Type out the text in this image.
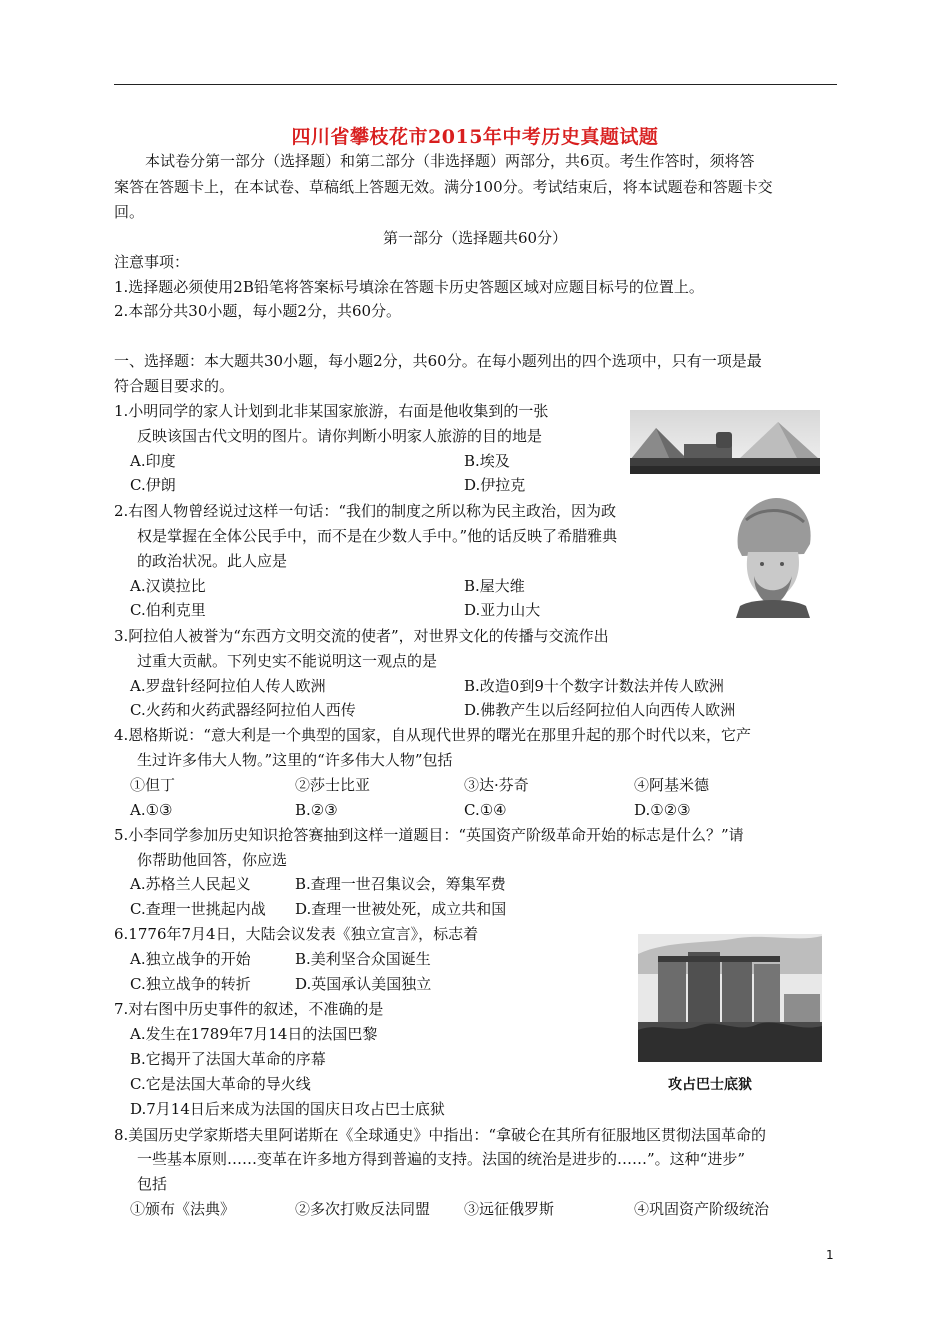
四川省攀枝花市2015年中考历史真题试题
本试卷分第一部分（选择题）和第二部分（非选择题）两部分，共6页。考生作答时，须将答
案答在答题卡上，在本试卷、草稿纸上答题无效。满分100分。考试结束后，将本试题卷和答题卡交
回。
第一部分（选择题共60分）
注意事项：
1.选择题必须使用2B铅笔将答案标号填涂在答题卡历史答题区域对应题目标号的位置上。
2.本部分共30小题，每小题2分，共60分。
一、选择题：本大题共30小题，每小题2分，共60分。在每小题列出的四个选项中，只有一项是最
符合题目要求的。
1.小明同学的家人计划到北非某国家旅游，右面是他收集到的一张
反映该国古代文明的图片。请你判断小明家人旅游的目的地是
A.印度	B.埃及
C.伊朗	D.伊拉克
2.右图人物曾经说过这样一句话：“我们的制度之所以称为民主政治，因为政
权是掌握在全体公民手中，而不是在少数人手中。”他的话反映了希腊雅典
的政治状况。此人应是
A.汉谟拉比	B.屋大维
C.伯利克里	D.亚力山大
3.阿拉伯人被誉为“东西方文明交流的使者”，对世界文化的传播与交流作出
过重大贡献。下列史实不能说明这一观点的是
A.罗盘针经阿拉伯人传人欧洲	B.改造0到9十个数字计数法并传人欧洲
C.火药和火药武器经阿拉伯人西传	D.佛教产生以后经阿拉伯人向西传人欧洲
4.恩格斯说：“意大利是一个典型的国家，自从现代世界的曙光在那里升起的那个时代以来，它产
生过许多伟大人物。”这里的“许多伟大人物”包括
①但丁	②莎士比亚	③达·芬奇	④阿基米德
A.①③	B.②③	C.①④	D.①②③
5.小李同学参加历史知识抢答赛抽到这样一道题目：“英国资产阶级革命开始的标志是什么？”请
你帮助他回答，你应选
A.苏格兰人民起义	B.查理一世召集议会，筹集军费
C.查理一世挑起内战 D.查理一世被处死，成立共和国
6.1776年7月4日，大陆会议发表《独立宣言》，标志着
A.独立战争的开始	B.美利坚合众国诞生
C.独立战争的转折	D.英国承认美国独立
7.对右图中历史事件的叙述，不准确的是
A.发生在1789年7月14日的法国巴黎
B.它揭开了法国大革命的序幕
C.它是法国大革命的导火线
D.7月14日后来成为法国的国庆日攻占巴士底狱
攻占巴士底狱
8.美国历史学家斯塔夫里阿诺斯在《全球通史》中指出：“拿破仑在其所有征服地区贯彻法国革命的
一些基本原则……变革在许多地方得到普遍的支持。法国的统治是进步的……”。这种“进步”
包括
①颁布《法典》	②多次打败反法同盟 ③远征俄罗斯	④巩固资产阶级统治
1
